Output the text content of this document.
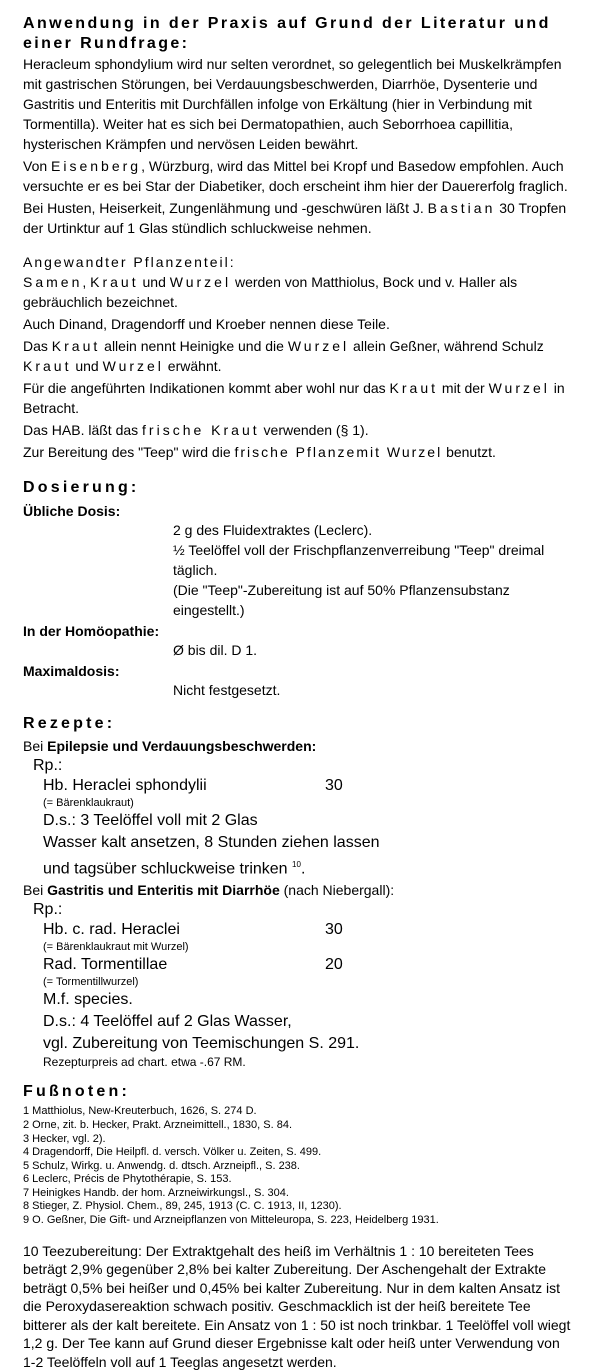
Anwendung in der Praxis auf Grund der Literatur und einer Rundfrage:

Heracleum sphondylium wird nur selten verordnet, so gelegentlich bei Muskelkrämpfen mit gastrischen Störungen, bei Verdauungsbeschwerden, Diarrhöe, Dysenterie und Gastritis und Enteritis mit Durchfällen infolge von Erkältung (hier in Verbindung mit Tormentilla). Weiter hat es sich bei Dermatopathien, auch Seborrhoea capillitia, hysterischen Krämpfen und nervösen Leiden bewährt.

Von Eisenberg, Würzburg, wird das Mittel bei Kropf und Basedow empfohlen. Auch versuchte er es bei Star der Diabetiker, doch erscheint ihm hier der Dauererfolg fraglich.

Bei Husten, Heiserkeit, Zungenlähmung und -geschwüren läßt J. Bastian 30 Tropfen der Urtinktur auf 1 Glas stündlich schluckweise nehmen.

Angewandter Pflanzenteil:

Samen, Kraut und Wurzel werden von Matthiolus, Bock und v. Haller als gebräuchlich bezeichnet.

Auch Dinand, Dragendorff und Kroeber nennen diese Teile.

Das Kraut allein nennt Heinigke und die Wurzel allein Geßner, während Schulz Kraut und Wurzel erwähnt.

Für die angeführten Indikationen kommt aber wohl nur das Kraut mit der Wurzel in Betracht.

Das HAB. läßt das frische Kraut verwenden (§ 1).

Zur Bereitung des "Teep" wird die frische Pflanzemit Wurzel benutzt.

Dosierung:
Übliche Dosis:
2 g des Fluidextraktes (Leclerc).
½ Teelöffel voll der Frischpflanzenverreibung "Teep" dreimal täglich.
(Die "Teep"-Zubereitung ist auf 50% Pflanzensubstanz eingestellt.)
In der Homöopathie:
Ø bis dil. D 1.
Maximaldosis:
Nicht festgesetzt.
Rezepte:
Bei Epilepsie und Verdauungsbeschwerden:
Rp.:
Hb. Heraclei sphondylii	30
(= Bärenklaukraut)
D.s.: 3 Teelöffel voll mit 2 Glas
Wasser kalt ansetzen, 8 Stunden ziehen lassen
und tagsüber schluckweise trinken $^{10}$.
Bei Gastritis und Enteritis mit Diarrhöe (nach Niebergall):
Rp.:
Hb. c. rad. Heraclei	30
(= Bärenklaukraut mit Wurzel)
Rad. Tormentillae	20
(= Tormentillwurzel)
M.f. species.
D.s.: 4 Teelöffel auf 2 Glas Wasser,
vgl. Zubereitung von Teemischungen S. 291.
Rezepturpreis ad chart. etwa -.67 RM.
Fußnoten:
1 Matthiolus, New-Kreuterbuch, 1626, S. 274 D.
2 Orne, zit. b. Hecker, Prakt. Arzneimittell., 1830, S. 84.
3 Hecker, vgl. 2).
4 Dragendorff, Die Heilpfl. d. versch. Völker u. Zeiten, S. 499.
5 Schulz, Wirkg. u. Anwendg. d. dtsch. Arzneipfl., S. 238.
6 Leclerc, Précis de Phytothérapie, S. 153.
7 Heinigkes Handb. der hom. Arzneiwirkungsl., S. 304.
8 Stieger, Z. Physiol. Chem., 89, 245, 1913 (C. C. 1913, II, 1230).
9 O. Geßner, Die Gift- und Arzneipflanzen von Mitteleuropa, S. 223, Heidelberg 1931.

10 Teezubereitung: Der Extraktgehalt des heiß im Verhältnis 1 : 10 bereiteten Tees beträgt 2,9% gegenüber 2,8% bei kalter Zubereitung. Der Aschengehalt der Extrakte beträgt 0,5% bei heißer und 0,45% bei kalter Zubereitung. Nur in dem kalten Ansatz ist die Peroxydasereaktion schwach positiv. Geschmacklich ist der heiß bereitete Tee bitterer als der kalt bereitete. Ein Ansatz von 1 : 50 ist noch trinkbar. 1 Teelöffel voll wiegt 1,2 g. Der Tee kann auf Grund dieser Ergebnisse kalt oder heiß unter Verwendung von 1-2 Teelöffeln voll auf 1 Teeglas angesetzt werden.
